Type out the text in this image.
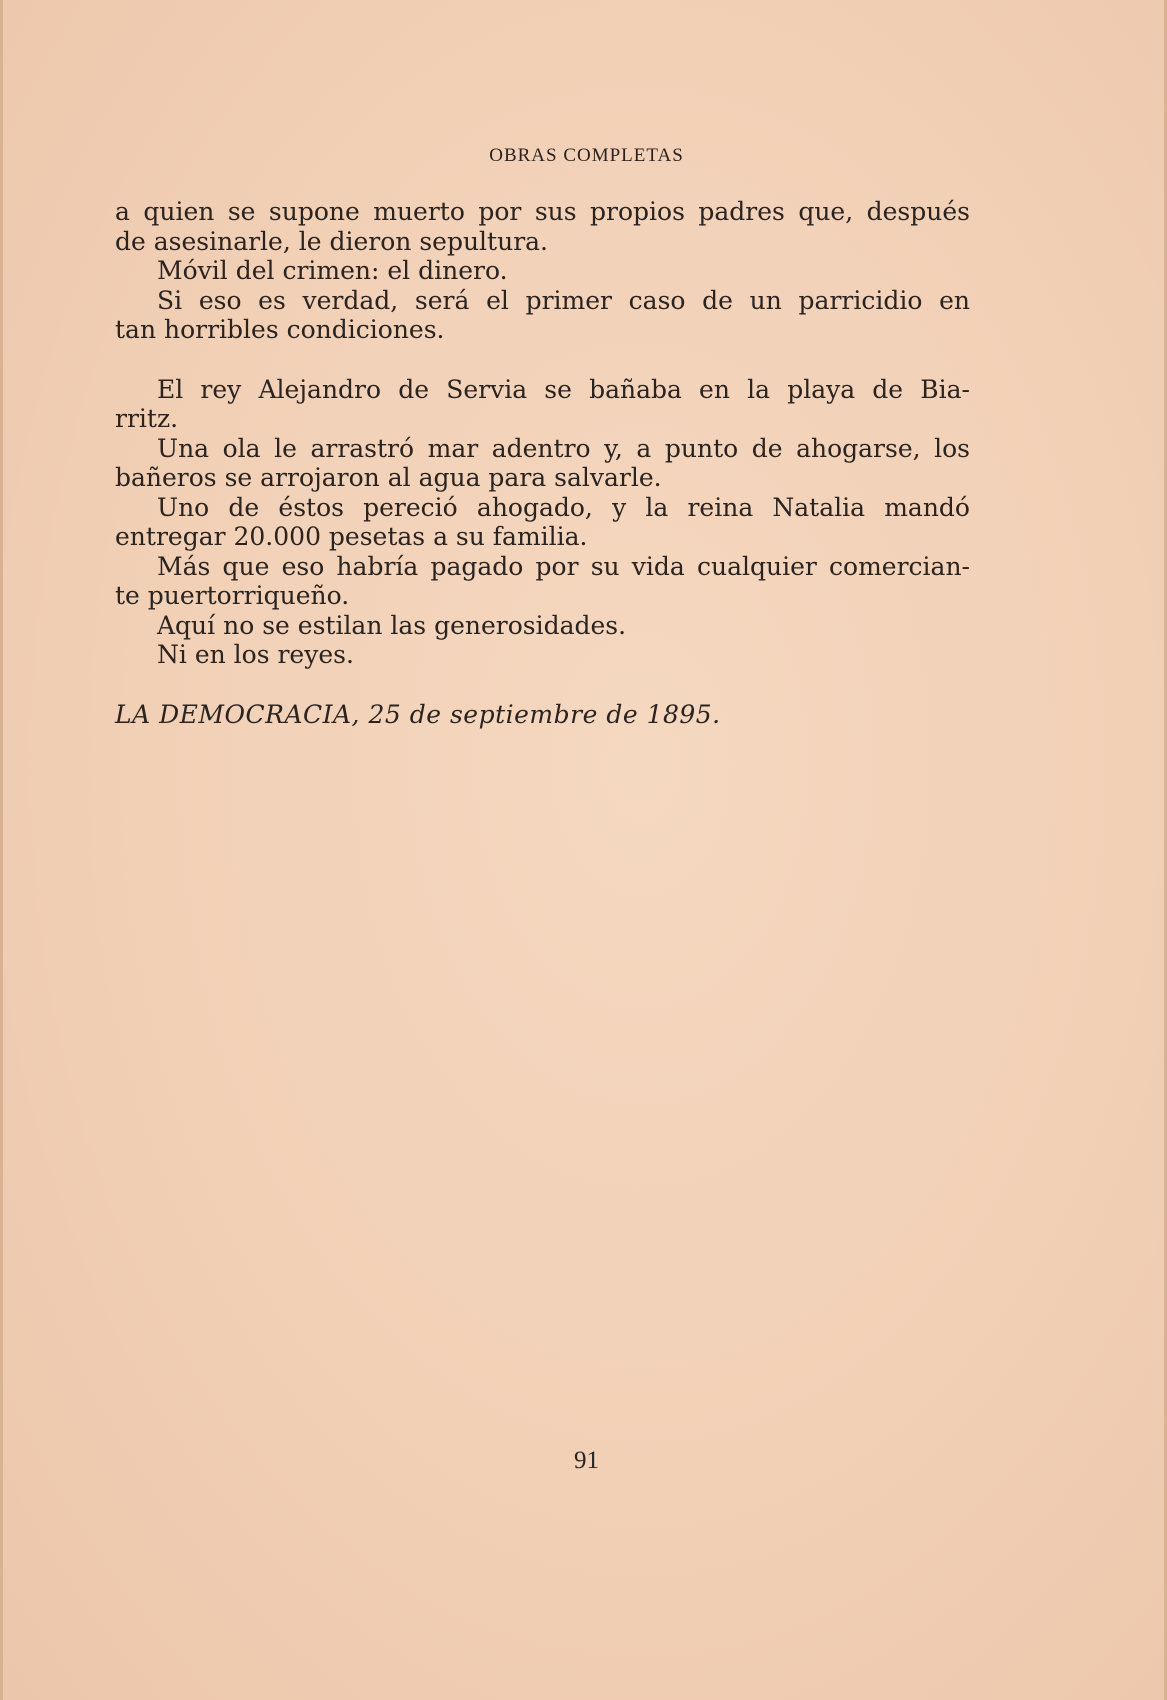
OBRAS COMPLETAS
a quien se supone muerto por sus propios padres que, después
de asesinarle, le dieron sepultura.
Móvil del crimen: el dinero.
Si eso es verdad, será el primer caso de un parricidio en
tan horribles condiciones.
El rey Alejandro de Servia se bañaba en la playa de Bia-
rritz.
Una ola le arrastró mar adentro y, a punto de ahogarse, los
bañeros se arrojaron al agua para salvarle.
Uno de éstos pereció ahogado, y la reina Natalia mandó
entregar 20.000 pesetas a su familia.
Más que eso habría pagado por su vida cualquier comercian-
te puertorriqueño.
Aquí no se estilan las generosidades.
Ni en los reyes.
LA DEMOCRACIA, 25 de septiembre de 1895.
91
